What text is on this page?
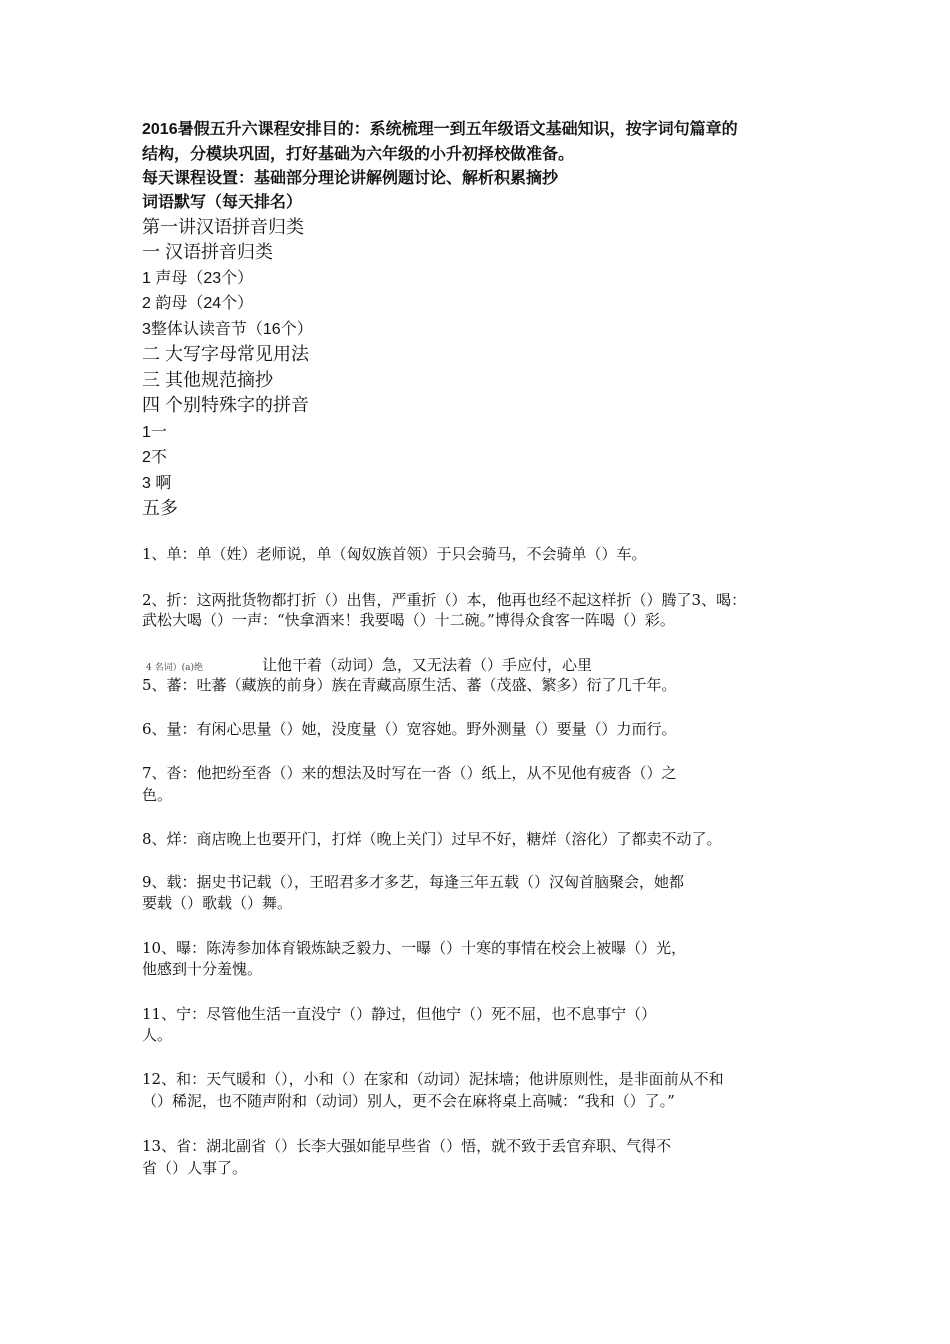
2016暑假五升六课程安排目的：系统梳理一到五年级语文基础知识，按字词句篇章的
结构，分模块巩固，打好基础为六年级的小升初择校做准备。
每天课程设置：基础部分理论讲解例题讨论、解析积累摘抄
词语默写（每天排名）
第一讲汉语拼音归类
一 汉语拼音归类
1 声母（23个）
2 韵母（24个）
3整体认读音节（16个）
二 大写字母常见用法
三 其他规范摘抄
四 个别特殊字的拼音
1一
2不
3 啊
五多
1、单：单（姓）老师说，单（匈奴族首领）于只会骑马，不会骑单（）车。
2、折：这两批货物都打折（）出售，严重折（）本，他再也经不起这样折（）腾了3、喝：
武松大喝（）一声：“快拿酒来！我要喝（）十二碗。”博得众食客一阵喝（）彩。
4 名词）(a)绝	让他干着（动词）急，又无法着（）手应付，心里
5、蕃：吐蕃（藏族的前身）族在青藏高原生活、蕃（茂盛、繁多）衍了几千年。
6、量：有闲心思量（）她，没度量（）宽容她。野外测量（）要量（）力而行。
7、沓：他把纷至沓（）来的想法及时写在一沓（）纸上，从不见他有疲沓（）之
色。
8、烊：商店晚上也要开门，打烊（晚上关门）过早不好，糖烊（溶化）了都卖不动了。
9、载：据史书记载（），王昭君多才多艺，每逢三年五载（）汉匈首脑聚会，她都
要载（）歌载（）舞。
10、曝：陈涛参加体育锻炼缺乏毅力、一曝（）十寒的事情在校会上被曝（）光，
他感到十分羞愧。
11、宁：尽管他生活一直没宁（）静过，但他宁（）死不屈，也不息事宁（）
人。
12、和：天气暖和（），小和（）在家和（动词）泥抹墙；他讲原则性，是非面前从不和
（）稀泥，也不随声附和（动词）别人，更不会在麻将桌上高喊：“我和（）了。”
13、省：湖北副省（）长李大强如能早些省（）悟，就不致于丢官弃职、气得不
省（）人事了。
